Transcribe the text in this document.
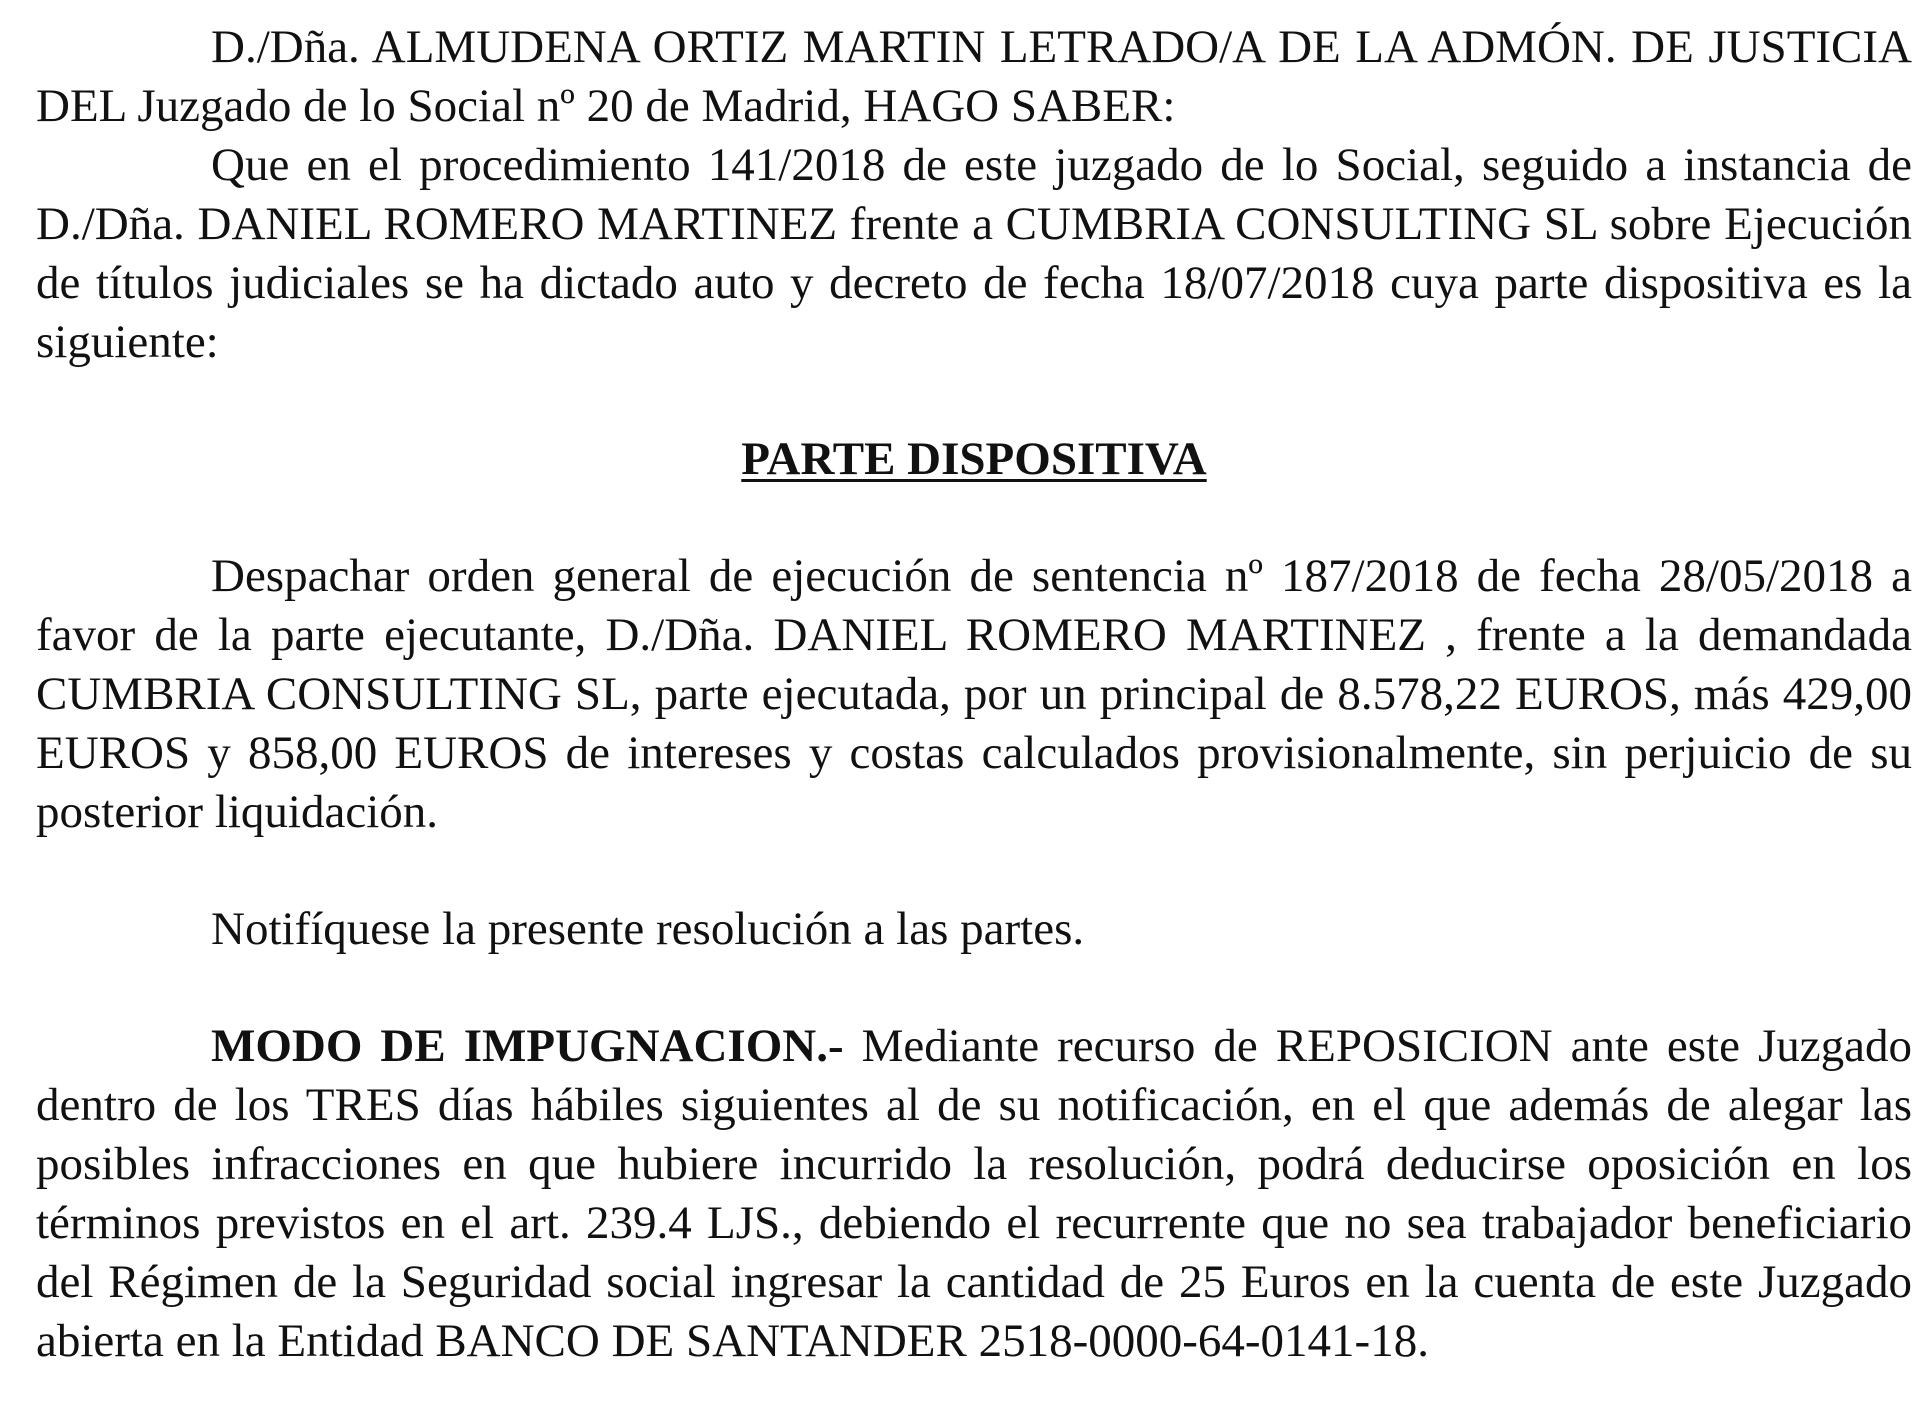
D./Dña. ALMUDENA ORTIZ MARTIN LETRADO/A DE LA ADMÓN. DE JUSTICIA DEL Juzgado de lo Social nº 20 de Madrid, HAGO SABER:

Que en el procedimiento 141/2018 de este juzgado de lo Social, seguido a instancia de D./Dña. DANIEL ROMERO MARTINEZ frente a CUMBRIA CONSULTING SL sobre Ejecución de títulos judiciales se ha dictado auto y decreto de fecha 18/07/2018 cuya parte dispositiva es la siguiente:

PARTE DISPOSITIVA

Despachar orden general de ejecución de sentencia nº 187/2018 de fecha 28/05/2018 a favor de la parte ejecutante, D./Dña. DANIEL ROMERO MARTINEZ , frente a la demandada CUMBRIA CONSULTING SL, parte ejecutada, por un principal de 8.578,22 EUROS, más 429,00 EUROS y 858,00 EUROS de intereses y costas calculados provisionalmente, sin perjuicio de su posterior liquidación.

Notifíquese la presente resolución a las partes.

MODO DE IMPUGNACION.- Mediante recurso de REPOSICION ante este Juzgado dentro de los TRES días hábiles siguientes al de su notificación, en el que además de alegar las posibles infracciones en que hubiere incurrido la resolución, podrá deducirse oposición en los términos previstos en el art. 239.4 LJS., debiendo el recurrente que no sea trabajador beneficiario del Régimen de la Seguridad social ingresar la cantidad de 25 Euros en la cuenta de este Juzgado abierta en la Entidad BANCO DE SANTANDER 2518-0000-64-0141-18.
